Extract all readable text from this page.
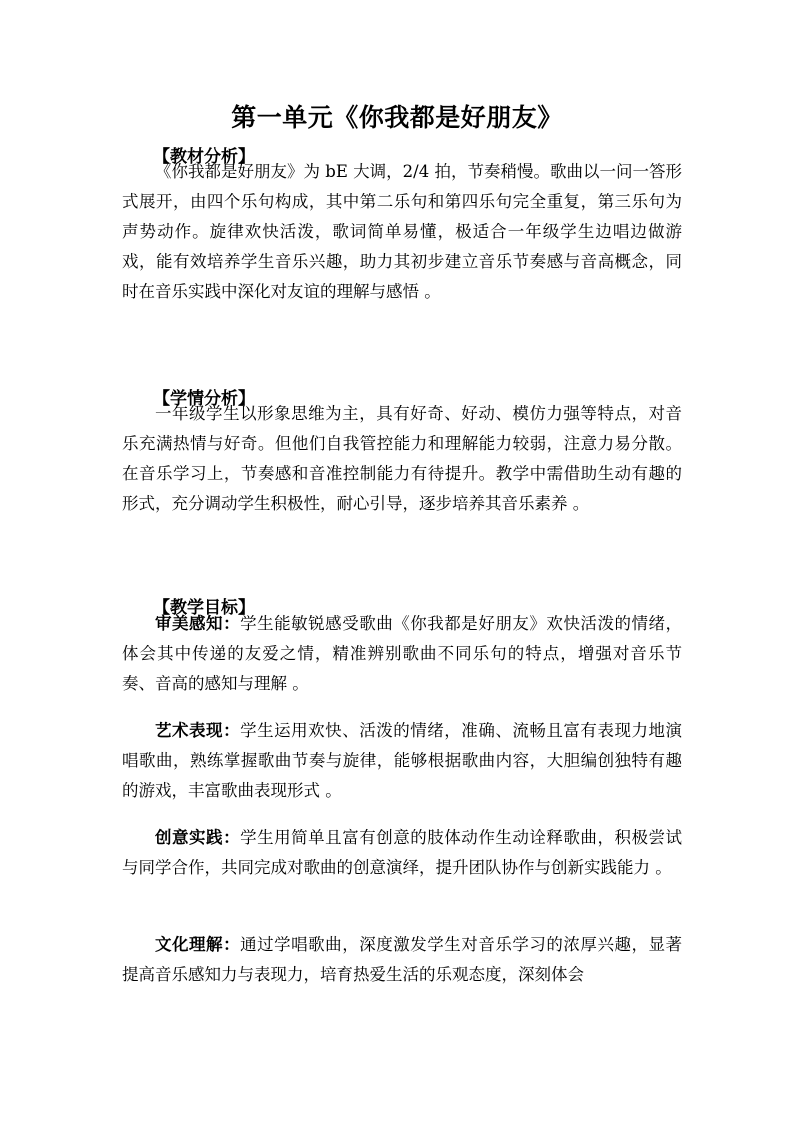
第一单元《你我都是好朋友》
【教材分析】

《你我都是好朋友》为 bE 大调，2/4 拍，节奏稍慢。歌曲以一问一答形式展开，由四个乐句构成，其中第二乐句和第四乐句完全重复，第三乐句为声势动作。旋律欢快活泼，歌词简单易懂，极适合一年级学生边唱边做游戏，能有效培养学生音乐兴趣，助力其初步建立音乐节奏感与音高概念，同时在音乐实践中深化对友谊的理解与感悟 。

【学情分析】

一年级学生以形象思维为主，具有好奇、好动、模仿力强等特点，对音乐充满热情与好奇。但他们自我管控能力和理解能力较弱，注意力易分散。在音乐学习上，节奏感和音准控制能力有待提升。教学中需借助生动有趣的形式，充分调动学生积极性，耐心引导，逐步培养其音乐素养 。

【教学目标】

审美感知：学生能敏锐感受歌曲《你我都是好朋友》欢快活泼的情绪，体会其中传递的友爱之情，精准辨别歌曲不同乐句的特点，增强对音乐节奏、音高的感知与理解 。

艺术表现：学生运用欢快、活泼的情绪，准确、流畅且富有表现力地演唱歌曲，熟练掌握歌曲节奏与旋律，能够根据歌曲内容，大胆编创独特有趣的游戏，丰富歌曲表现形式 。

创意实践：学生用简单且富有创意的肢体动作生动诠释歌曲，积极尝试与同学合作，共同完成对歌曲的创意演绎，提升团队协作与创新实践能力 。

文化理解：通过学唱歌曲，深度激发学生对音乐学习的浓厚兴趣，显著提高音乐感知力与表现力，培育热爱生活的乐观态度，深刻体会
